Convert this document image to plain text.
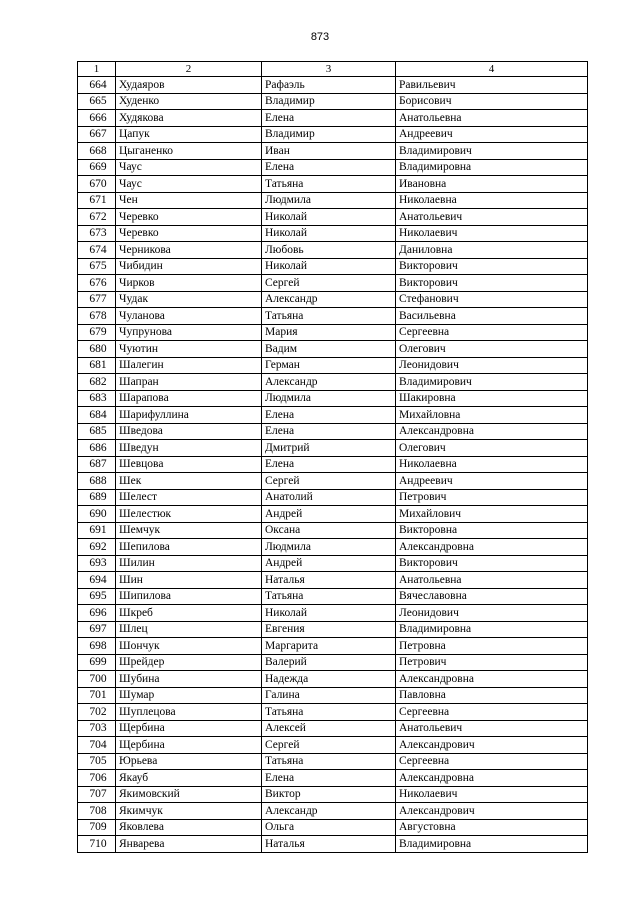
873
1	2	3	4
664	Худаяров	Рафаэль	Равильевич
665	Худенко	Владимир	Борисович
666	Худякова	Елена	Анатольевна
667	Цапук	Владимир	Андреевич
668	Цыганенко	Иван	Владимирович
669	Чаус	Елена	Владимировна
670	Чаус	Татьяна	Ивановна
671	Чен	Людмила	Николаевна
672	Черевко	Николай	Анатольевич
673	Черевко	Николай	Николаевич
674	Черникова	Любовь	Даниловна
675	Чибидин	Николай	Викторович
676	Чирков	Сергей	Викторович
677	Чудак	Александр	Стефанович
678	Чуланова	Татьяна	Васильевна
679	Чупрунова	Мария	Сергеевна
680	Чуютин	Вадим	Олегович
681	Шалегин	Герман	Леонидович
682	Шапран	Александр	Владимирович
683	Шарапова	Людмила	Шакировна
684	Шарифуллина	Елена	Михайловна
685	Шведова	Елена	Александровна
686	Шведун	Дмитрий	Олегович
687	Шевцова	Елена	Николаевна
688	Шек	Сергей	Андреевич
689	Шелест	Анатолий	Петрович
690	Шелестюк	Андрей	Михайлович
691	Шемчук	Оксана	Викторовна
692	Шепилова	Людмила	Александровна
693	Шилин	Андрей	Викторович
694	Шин	Наталья	Анатольевна
695	Шипилова	Татьяна	Вячеславовна
696	Шкреб	Николай	Леонидович
697	Шлец	Евгения	Владимировна
698	Шончук	Маргарита	Петровна
699	Шрейдер	Валерий	Петрович
700	Шубина	Надежда	Александровна
701	Шумар	Галина	Павловна
702	Шуплецова	Татьяна	Сергеевна
703	Щербина	Алексей	Анатольевич
704	Щербина	Сергей	Александрович
705	Юрьева	Татьяна	Сергеевна
706	Якауб	Елена	Александровна
707	Якимовский	Виктор	Николаевич
708	Якимчук	Александр	Александрович
709	Яковлева	Ольга	Августовна
710	Январева	Наталья	Владимировна
